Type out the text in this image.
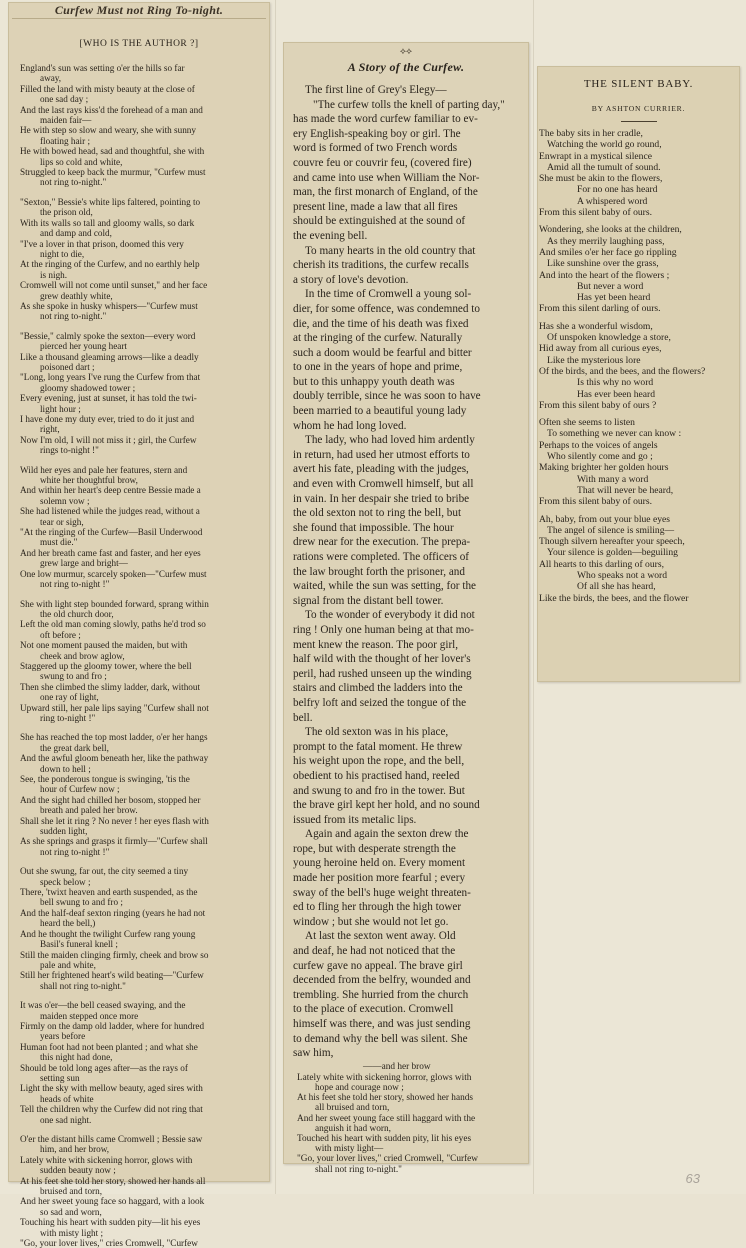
Curfew Must not Ring To-night.
[WHO IS THE AUTHOR ?]
England's sun was setting o'er the hills so far
away,
Filled the land with misty beauty at the close of
one sad day ;
And the last rays kiss'd the forehead of a man and
maiden fair—
He with step so slow and weary, she with sunny
floating hair ;
He with bowed head, sad and thoughtful, she with
lips so cold and white,
Struggled to keep back the murmur, "Curfew must
not ring to-night."
"Sexton," Bessie's white lips faltered, pointing to
the prison old,
With its walls so tall and gloomy walls, so dark
and damp and cold,
"I've a lover in that prison, doomed this very
night to die,
At the ringing of the Curfew, and no earthly help
is nigh.
Cromwell will not come until sunset," and her face
grew deathly white,
As she spoke in husky whispers—"Curfew must
not ring to-night."
"Bessie," calmly spoke the sexton—every word
pierced her young heart
Like a thousand gleaming arrows—like a deadly
poisoned dart ;
"Long, long years I've rung the Curfew from that
gloomy shadowed tower ;
Every evening, just at sunset, it has told the twi-
light hour ;
I have done my duty ever, tried to do it just and
right,
Now I'm old, I will not miss it ; girl, the Curfew
rings to-night !"
Wild her eyes and pale her features, stern and
white her thoughtful brow,
And within her heart's deep centre Bessie made a
solemn vow ;
She had listened while the judges read, without a
tear or sigh,
"At the ringing of the Curfew—Basil Underwood
must die."
And her breath came fast and faster, and her eyes
grew large and bright—
One low murmur, scarcely spoken—"Curfew must
not ring to-night !"
She with light step bounded forward, sprang within
the old church door,
Left the old man coming slowly, paths he'd trod so
oft before ;
Not one moment paused the maiden, but with
cheek and brow aglow,
Staggered up the gloomy tower, where the bell
swung to and fro ;
Then she climbed the slimy ladder, dark, without
one ray of light,
Upward still, her pale lips saying "Curfew shall not
ring to-night !"
She has reached the top most ladder, o'er her hangs
the great dark bell,
And the awful gloom beneath her, like the pathway
down to hell ;
See, the ponderous tongue is swinging, 'tis the
hour of Curfew now ;
And the sight had chilled her bosom, stopped her
breath and paled her brow.
Shall she let it ring ? No never ! her eyes flash with
sudden light,
As she springs and grasps it firmly—"Curfew shall
not ring to-night !"
Out she swung, far out, the city seemed a tiny
speck below ;
There, 'twixt heaven and earth suspended, as the
bell swung to and fro ;
And the half-deaf sexton ringing (years he had not
heard the bell,)
And he thought the twilight Curfew rang young
Basil's funeral knell ;
Still the maiden clinging firmly, cheek and brow so
pale and white,
Still her frightened heart's wild beating—"Curfew
shall not ring to-night."
It was o'er—the bell ceased swaying, and the
maiden stepped once more
Firmly on the damp old ladder, where for hundred
years before
Human foot had not been planted ; and what she
this night had done,
Should be told long ages after—as the rays of
setting sun
Light the sky with mellow beauty, aged sires with
heads of white
Tell the children why the Curfew did not ring that
one sad night.
O'er the distant hills came Cromwell ; Bessie saw
him, and her brow,
Lately white with sickening horror, glows with
sudden beauty now ;
At his feet she told her story, showed her hands all
bruised and torn,
And her sweet young face so haggard, with a look
so sad and worn,
Touching his heart with sudden pity—lit his eyes
with misty light ;
"Go, your lover lives," cries Cromwell, "Curfew
⟡⟡
A Story of the Curfew.
The first line of Grey's Elegy—
"The curfew tolls the knell of parting day,"
has made the word curfew familiar to ev-
ery English-speaking boy or girl. The
word is formed of two French words
couvre feu or couvrir feu, (covered fire)
and came into use when William the Nor-
man, the first monarch of England, of the
present line, made a law that all fires
should be extinguished at the sound of
the evening bell.
To many hearts in the old country that
cherish its traditions, the curfew recalls
a story of love's devotion.
In the time of Cromwell a young sol-
dier, for some offence, was condemned to
die, and the time of his death was fixed
at the ringing of the curfew. Naturally
such a doom would be fearful and bitter
to one in the years of hope and prime,
but to this unhappy youth death was
doubly terrible, since he was soon to have
been married to a beautiful young lady
whom he had long loved.
The lady, who had loved him ardently
in return, had used her utmost efforts to
avert his fate, pleading with the judges,
and even with Cromwell himself, but all
in vain. In her despair she tried to bribe
the old sexton not to ring the bell, but
she found that impossible. The hour
drew near for the execution. The prepa-
rations were completed. The officers of
the law brought forth the prisoner, and
waited, while the sun was setting, for the
signal from the distant bell tower.
To the wonder of everybody it did not
ring ! Only one human being at that mo-
ment knew the reason. The poor girl,
half wild with the thought of her lover's
peril, had rushed unseen up the winding
stairs and climbed the ladders into the
belfry loft and seized the tongue of the
bell.
The old sexton was in his place,
prompt to the fatal moment. He threw
his weight upon the rope, and the bell,
obedient to his practised hand, reeled
and swung to and fro in the tower. But
the brave girl kept her hold, and no sound
issued from its metalic lips.
Again and again the sexton drew the
rope, but with desperate strength the
young heroine held on. Every moment
made her position more fearful ; every
sway of the bell's huge weight threaten-
ed to fling her through the high tower
window ; but she would not let go.
At last the sexton went away. Old
and deaf, he had not noticed that the
curfew gave no appeal. The brave girl
decended from the belfry, wounded and
trembling. She hurried from the church
to the place of execution. Cromwell
himself was there, and was just sending
to demand why the bell was silent. She
saw him,
——and her brow
Lately white with sickening horror, glows with
hope and courage now ;
At his feet she told her story, showed her hands
all bruised and torn,
And her sweet young face still haggard with the
anguish it had worn,
Touched his heart with sudden pity, lit his eyes
with misty light—
"Go, your lover lives," cried Cromwell, "Curfew
shall not ring to-night."
THE SILENT BABY.
BY ASHTON CURRIER.
The baby sits in her cradle,
Watching the world go round,
Enwrapt in a mystical silence
Amid all the tumult of sound.
She must be akin to the flowers,
For no one has heard
A whispered word
From this silent baby of ours.
Wondering, she looks at the children,
As they merrily laughing pass,
And smiles o'er her face go rippling
Like sunshine over the grass,
And into the heart of the flowers ;
But never a word
Has yet been heard
From this silent darling of ours.
Has she a wonderful wisdom,
Of unspoken knowledge a store,
Hid away from all curious eyes,
Like the mysterious lore
Of the birds, and the bees, and the flowers?
Is this why no word
Has ever been heard
From this silent baby of ours ?
Often she seems to listen
To something we never can know :
Perhaps to the voices of angels
Who silently come and go ;
Making brighter her golden hours
With many a word
That will never be heard,
From this silent baby of ours.
Ah, baby, from out your blue eyes
The angel of silence is smiling—
Though silvern hereafter your speech,
Your silence is golden—beguiling
All hearts to this darling of ours,
Who speaks not a word
Of all she has heard,
Like the birds, the bees, and the flower
63
